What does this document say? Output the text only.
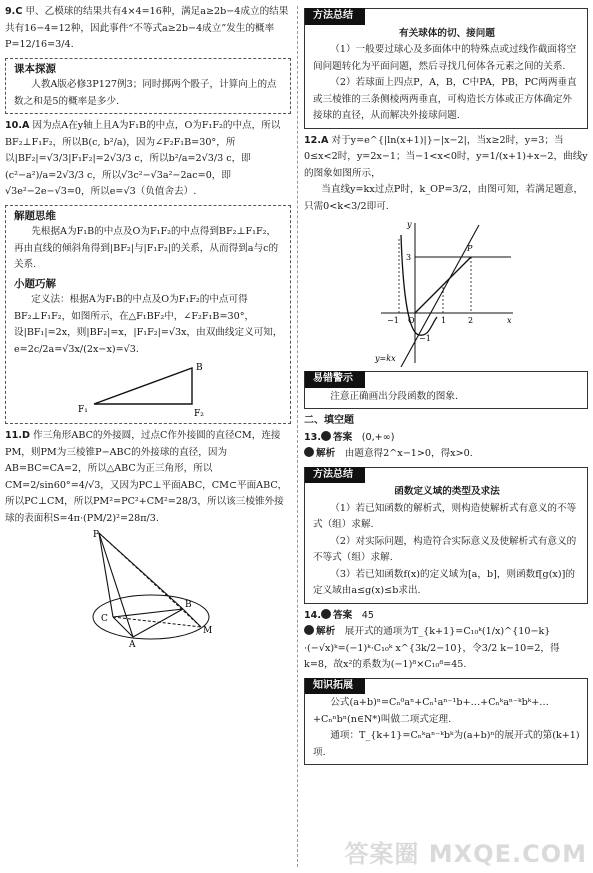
9.C 甲、乙模球的结果共有4×4=16种，满足a≥2b−4成立的结果共有16−4=12种，因此事件“不等式a≥2b−4成立”发生的概率P=12/16=3/4.

课本探源

人教A版必修3P127例3；同时掷两个骰子，计算向上的点数之和是5的概率是多少.

10.A 因为点A在y轴上且A为F₁B的中点，O为F₁F₂的中点，所以BF₂⊥F₁F₂，所以B(c, b²/a)，因为∠F₂F₁B=30°，所以|BF₂|=√3/3|F₁F₂|=2√3/3 c，所以b²/a=2√3/3 c，即(c²−a²)/a=2√3/3 c，所以√3c²−√3a²−2ac=0，即√3e²−2e−√3=0，所以e=√3（负值舍去）.

解题思维

先根据A为F₁B的中点及O为F₁F₂的中点得到BF₂⊥F₁F₂，再由直线的倾斜角得到|BF₂|与|F₁F₂|的关系，从而得到a与c的关系.

小题巧解

定义法：根据A为F₁B的中点及O为F₁F₂的中点可得BF₂⊥F₁F₂，如图所示，在△F₁BF₂中，∠F₂F₁B=30°，设|BF₁|=2x，则|BF₂|=x，|F₁F₂|=√3x，由双曲线定义可知，e=2c/2a=√3x/(2x−x)=√3.

B
F₁	F₂

11.D 作三角形ABC的外接圆，过点C作外接圆的直径CM，连接PM，则PM为三棱锥P−ABC的外接球的直径，因为AB=BC=CA=2，所以△ABC为正三角形，所以CM=2/sin60°=4/√3，又因为PC⊥平面ABC，CM⊂平面ABC，所以PC⊥CM，所以PM²=PC²+CM²=28/3，所以该三棱锥外接球的表面积S=4π·(PM/2)²=28π/3.

P
C
B
A
M
方法总结

有关球体的切、接问题

（1）一般要过球心及多面体中的特殊点或过线作截面将空间问题转化为平面问题，然后寻找几何体各元素之间的关系.

（2）若球面上四点P，A，B，C中PA，PB，PC两两垂直或三棱锥的三条侧棱两两垂直，可构造长方体或正方体确定外接球的直径，从而解决外接球问题.

12.A 对于y=e^{|ln(x+1)|}−|x−2|，当x≥2时，y=3；当0≤x<2时，y=2x−1；当−1<x<0时，y=1/(x+1)+x−2，曲线y的图象如图所示，

当直线y=kx过点P时，k_OP=3/2，由图可知，若满足题意，只需0<k<3/2即可.

y
P
3
O	1	2	x
−1
−1
y=kx
易错警示

注意正确画出分段函数的图象.

二、填空题

13. 答案　 (0,+∞)

解析　 由题意得2^x−1>0，得x>0.

方法总结

函数定义域的类型及求法

（1）若已知函数的解析式，则构造使解析式有意义的不等式（组）求解.

（2）对实际问题，构造符合实际意义及使解析式有意义的不等式（组）求解.

（3）若已知函数f(x)的定义域为[a，b]，则函数f[g(x)]的定义域由a≤g(x)≤b求出.

14. 答案　 45

解析　 展开式的通项为T_{k+1}=C₁₀ᵏ(1/x)^{10−k}·(−√x)ᵏ=(−1)ᵏ·C₁₀ᵏ x^{3k/2−10}，令3/2 k−10=2，得k=8，故x²的系数为(−1)⁸×C₁₀⁸=45.

知识拓展

公式(a+b)ⁿ=Cₙ⁰aⁿ+Cₙ¹aⁿ⁻¹b+…+Cₙᵏaⁿ⁻ᵏbᵏ+…+Cₙⁿbⁿ(n∈N*)叫做二项式定理.

通项：T_{k+1}=Cₙᵏaⁿ⁻ᵏbᵏ为(a+b)ⁿ的展开式的第(k+1)项.

答案圈 MXQE.COM
